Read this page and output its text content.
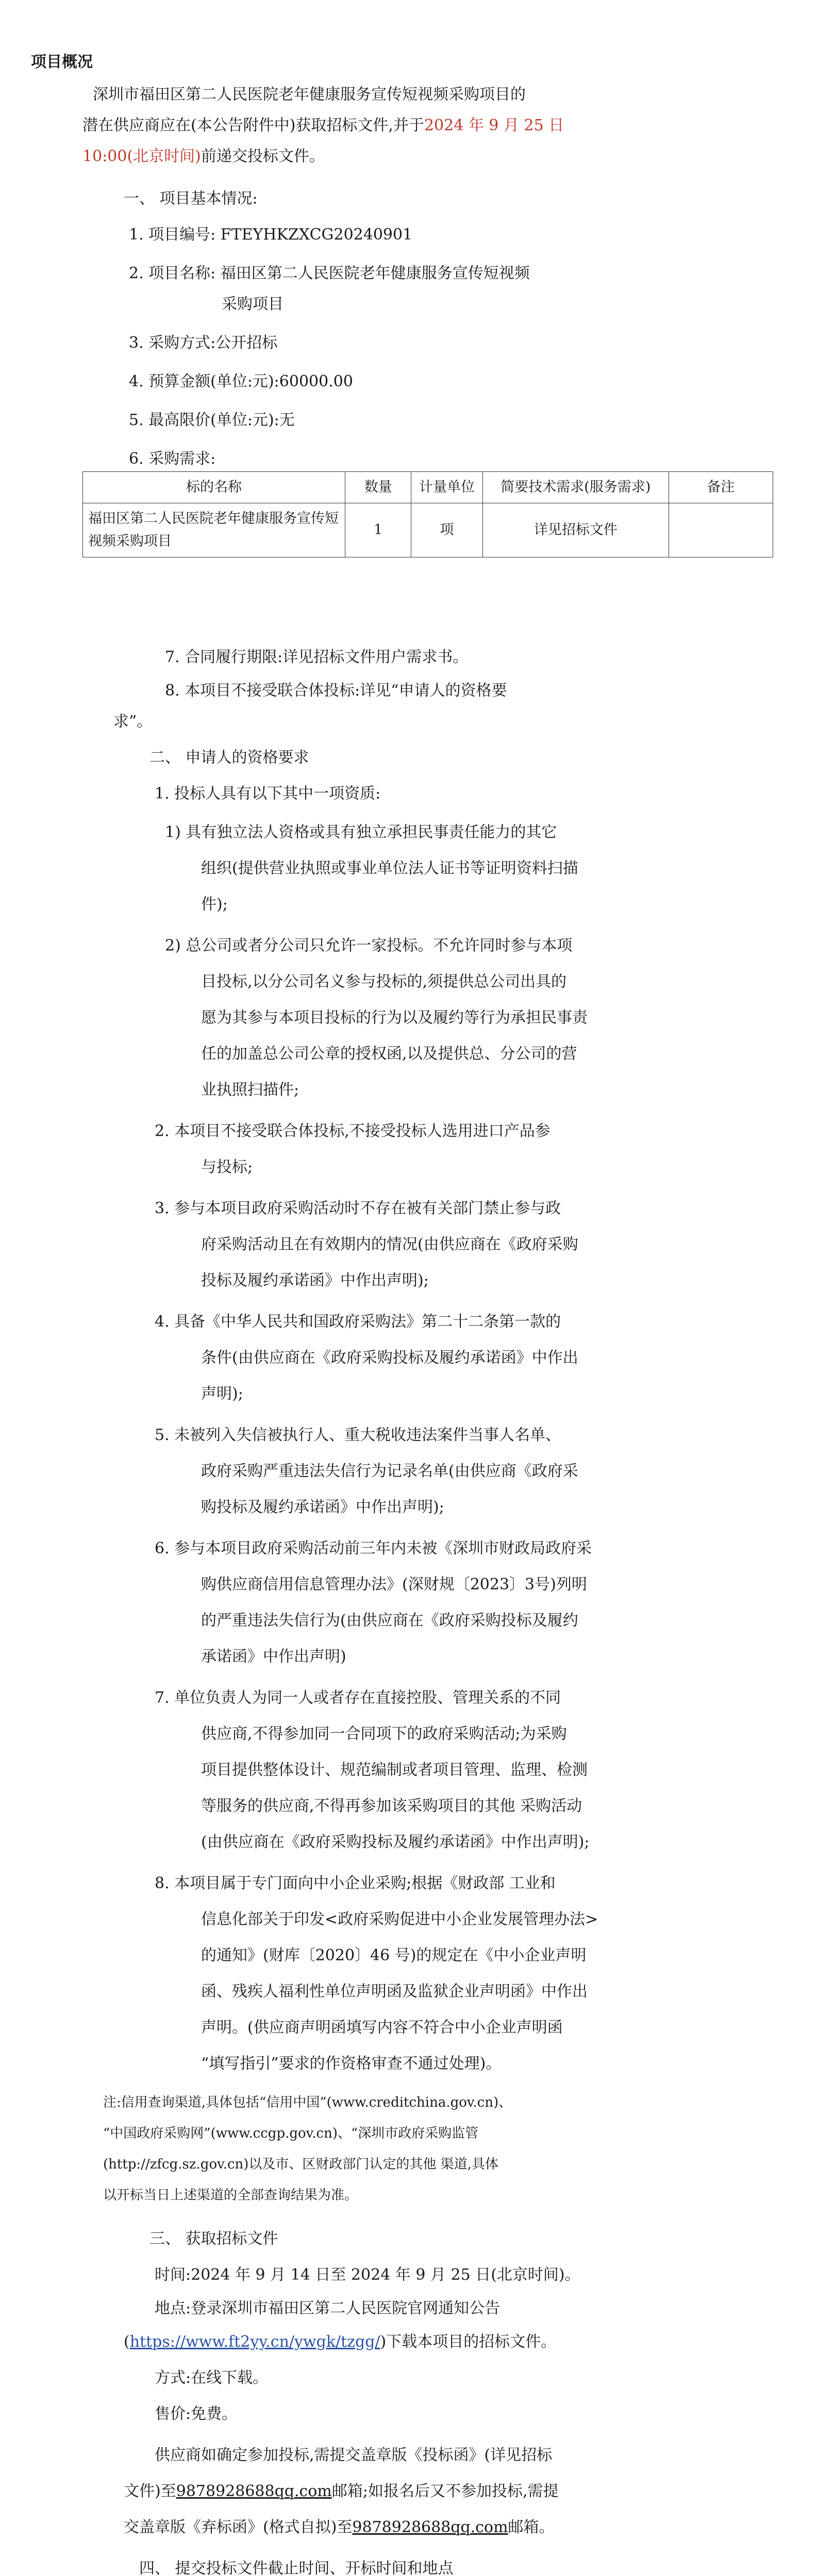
项目概况

深圳市福田区第二人民医院老年健康服务宣传短视频采购项目的

潜在供应商应在(本公告附件中)获取招标文件,并于2024 年 9 月 25 日

10:00(北京时间)前递交投标文件。

一、 项目基本情况:

1. 项目编号: FTEYHKZXCG20240901

2. 项目名称: 福田区第二人民医院老年健康服务宣传短视频

采购项目

3. 采购方式:公开招标

4. 预算金额(单位:元):60000.00

5. 最高限价(单位:元):无

6. 采购需求:

标的名称	数量	计量单位	简要技术需求(服务需求)	备注
福田区第二人民医院老年健康服务宣传短视频采购项目	1	项	详见招标文件	

7. 合同履行期限:详见招标文件用户需求书。

8. 本项目不接受联合体投标:详见“申请人的资格要

求”。

二、 申请人的资格要求

1. 投标人具有以下其中一项资质:

1) 具有独立法人资格或具有独立承担民事责任能力的其它

组织(提供营业执照或事业单位法人证书等证明资料扫描

件);

2) 总公司或者分公司只允许一家投标。不允许同时参与本项

目投标,以分公司名义参与投标的,须提供总公司出具的

愿为其参与本项目投标的行为以及履约等行为承担民事责

任的加盖总公司公章的授权函,以及提供总、分公司的营

业执照扫描件;

2. 本项目不接受联合体投标,不接受投标人选用进口产品参

与投标;

3. 参与本项目政府采购活动时不存在被有关部门禁止参与政

府采购活动且在有效期内的情况(由供应商在《政府采购

投标及履约承诺函》中作出声明);

4. 具备《中华人民共和国政府采购法》第二十二条第一款的

条件(由供应商在《政府采购投标及履约承诺函》中作出

声明);

5. 未被列入失信被执行人、重大税收违法案件当事人名单、

政府采购严重违法失信行为记录名单(由供应商《政府采

购投标及履约承诺函》中作出声明);

6. 参与本项目政府采购活动前三年内未被《深圳市财政局政府采

购供应商信用信息管理办法》(深财规〔2023〕3号)列明

的严重违法失信行为(由供应商在《政府采购投标及履约

承诺函》中作出声明)

7. 单位负责人为同一人或者存在直接控股、管理关系的不同

供应商,不得参加同一合同项下的政府采购活动;为采购

项目提供整体设计、规范编制或者项目管理、监理、检测

等服务的供应商,不得再参加该采购项目的其他 采购活动

(由供应商在《政府采购投标及履约承诺函》中作出声明);

8. 本项目属于专门面向中小企业采购;根据《财政部 工业和

信息化部关于印发<政府采购促进中小企业发展管理办法>

的通知》(财库〔2020〕46 号)的规定在《中小企业声明

函、残疾人福利性单位声明函及监狱企业声明函》中作出

声明。(供应商声明函填写内容不符合中小企业声明函

“填写指引”要求的作资格审查不通过处理)。

注:信用查询渠道,具体包括“信用中国”(www.creditchina.gov.cn)、

“中国政府采购网”(www.ccgp.gov.cn)、“深圳市政府采购监管

(http://zfcg.sz.gov.cn)以及市、区财政部门认定的其他 渠道,具体

以开标当日上述渠道的全部查询结果为准。

三、 获取招标文件

时间:2024 年 9 月 14 日至 2024 年 9 月 25 日(北京时间)。

地点:登录深圳市福田区第二人民医院官网通知公告

(https://www.ft2yy.cn/ywgk/tzgg/)下载本项目的招标文件。

方式:在线下载。

售价:免费。

供应商如确定参加投标,需提交盖章版《投标函》(详见招标

文件)至9878928688qq.com邮箱;如报名后又不参加投标,需提

交盖章版《弃标函》(格式自拟)至9878928688qq.com邮箱。

四、 提交投标文件截止时间、开标时间和地点
